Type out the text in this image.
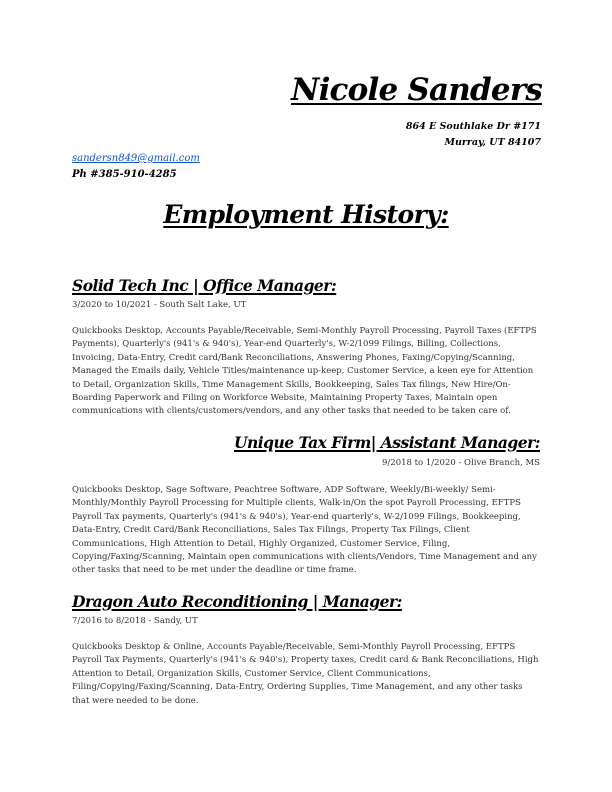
Nicole Sanders
864 E Southlake Dr #171
Murray, UT 84107
sandersn849@gmail.com
Ph #385-910-4285
Employment History:
Solid Tech Inc | Office Manager:
3/2020 to 10/2021 - South Salt Lake, UT
Quickbooks Desktop, Accounts Payable/Receivable, Semi-Monthly Payroll Processing, Payroll Taxes (EFTPS Payments), Quarterly's (941's & 940's), Year-end Quarterly's, W-2/1099 Filings, Billing, Collections, Invoicing, Data-Entry, Credit card/Bank Reconciliations, Answering Phones, Faxing/Copying/Scanning, Managed the Emails daily, Vehicle Titles/maintenance up-keep, Customer Service, a keen eye for Attention to Detail, Organization Skills, Time Management Skills, Bookkeeping, Sales Tax filings, New Hire/On-Boarding Paperwork and Filing on Workforce Website, Maintaining Property Taxes, Maintain open communications with clients/customers/vendors, and any other tasks that needed to be taken care of.
Unique Tax Firm| Assistant Manager:
9/2018 to 1/2020 - Olive Branch, MS
Quickbooks Desktop, Sage Software, Peachtree Software, ADP Software, Weekly/Bi-weekly/ Semi-Monthly/Monthly Payroll Processing for Multiple clients, Walk-in/On the spot Payroll Processing, EFTPS Payroll Tax payments, Quarterly's (941's & 940's), Year-end quarterly's, W-2/1099 Filings, Bookkeeping, Data-Entry, Credit Card/Bank Reconciliations, Sales Tax Filings, Property Tax Filings, Client Communications, High Attention to Detail, Highly Organized, Customer Service, Filing, Copying/Faxing/Scanning, Maintain open communications with clients/Vendors, Time Management and any other tasks that need to be met under the deadline or time frame.
Dragon Auto Reconditioning | Manager:
7/2016 to 8/2018 - Sandy, UT
Quickbooks Desktop & Online, Accounts Payable/Receivable, Semi-Monthly Payroll Processing, EFTPS Payroll Tax Payments, Quarterly's (941's & 940's), Property taxes, Credit card & Bank Reconciliations, High Attention to Detail, Organization Skills, Customer Service, Client Communications, Filing/Copying/Faxing/Scanning, Data-Entry, Ordering Supplies, Time Management, and any other tasks that were needed to be done.
